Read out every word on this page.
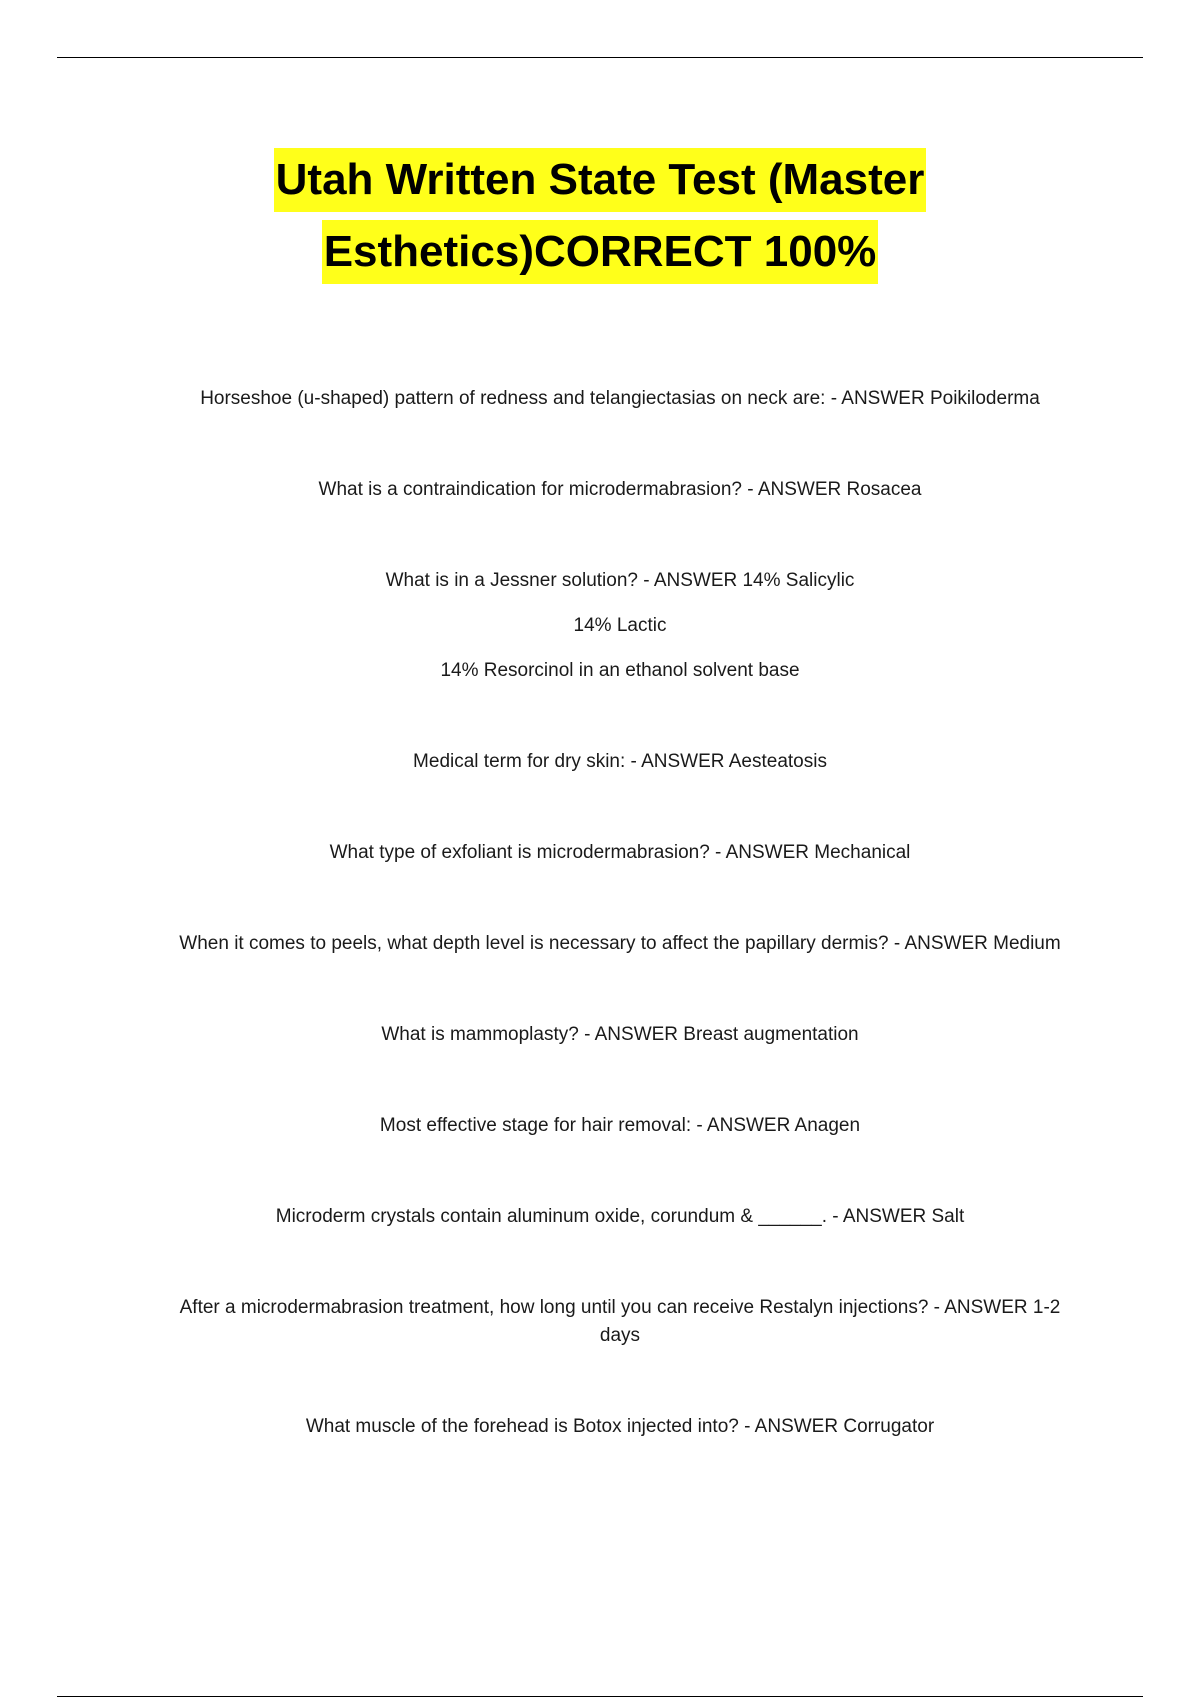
Utah Written State Test (Master
Esthetics)CORRECT 100%
Horseshoe (u-shaped) pattern of redness and telangiectasias on neck are: - ANSWER Poikiloderma
What is a contraindication for microdermabrasion? - ANSWER Rosacea
What is in a Jessner solution? - ANSWER 14% Salicylic
14% Lactic
14% Resorcinol in an ethanol solvent base
Medical term for dry skin: - ANSWER Aesteatosis
What type of exfoliant is microdermabrasion? - ANSWER Mechanical
When it comes to peels, what depth level is necessary to affect the papillary dermis? - ANSWER Medium
What is mammoplasty? - ANSWER Breast augmentation
Most effective stage for hair removal: - ANSWER Anagen
Microderm crystals contain aluminum oxide, corundum & ______. - ANSWER Salt
After a microdermabrasion treatment, how long until you can receive Restalyn injections? - ANSWER 1-2
days
What muscle of the forehead is Botox injected into? - ANSWER Corrugator
